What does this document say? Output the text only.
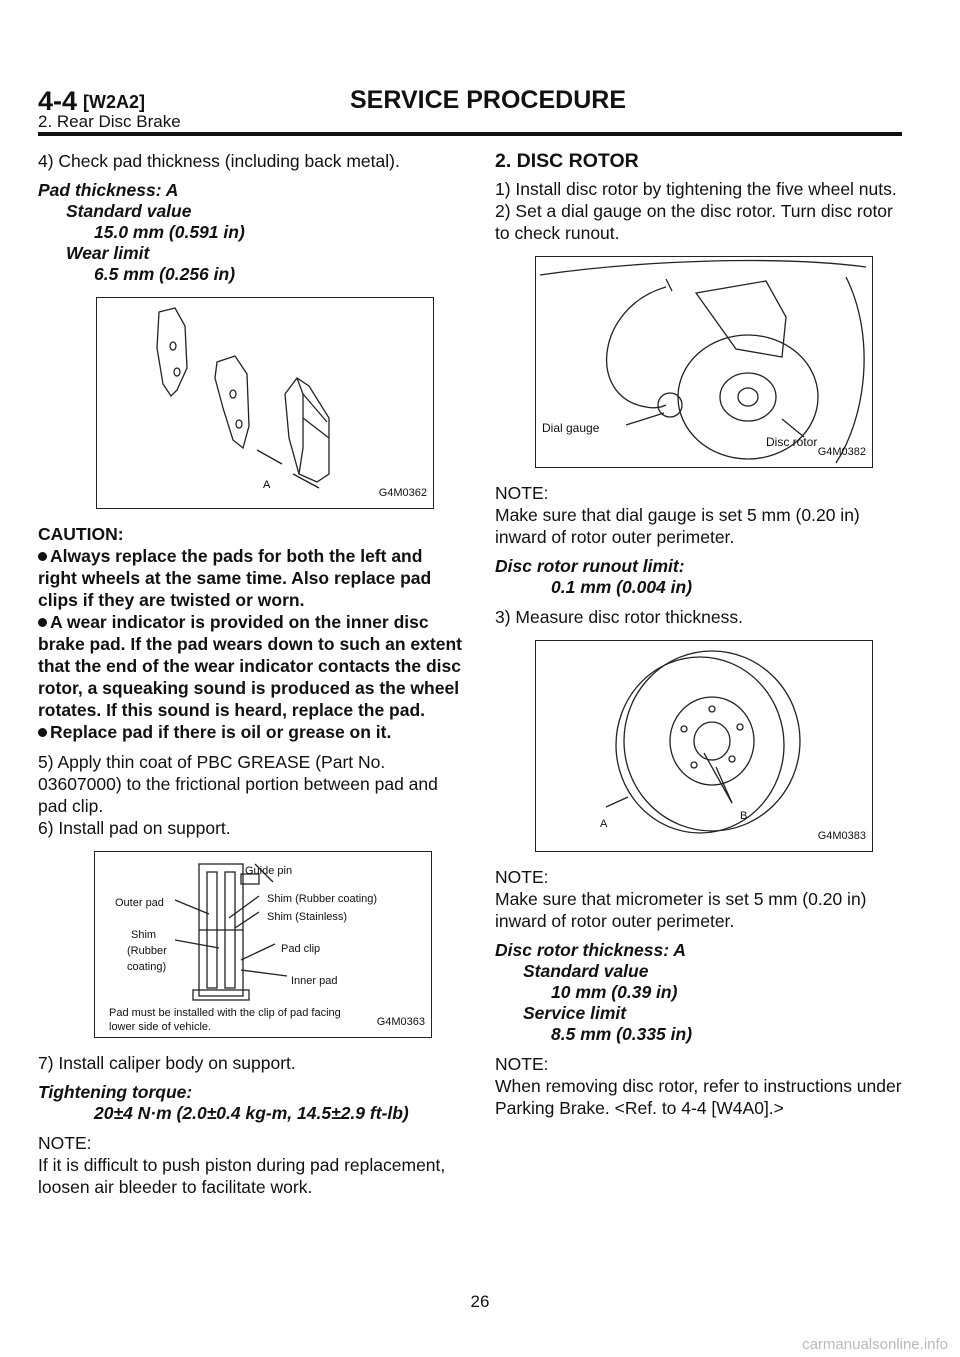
4-4 [W2A2]	SERVICE PROCEDURE
2. Rear Disc Brake

4) Check pad thickness (including back metal).

Pad thickness: A
Standard value
15.0 mm (0.591 in)
Wear limit
6.5 mm (0.256 in)
A
G4M0362
CAUTION:
Always replace the pads for both the left and right wheels at the same time. Also replace pad clips if they are twisted or worn.
A wear indicator is provided on the inner disc brake pad. If the pad wears down to such an extent that the end of the wear indicator contacts the disc rotor, a squeaking sound is produced as the wheel rotates. If this sound is heard, replace the pad.
Replace pad if there is oil or grease on it.

5) Apply thin coat of PBC GREASE (Part No. 03607000) to the frictional portion between pad and pad clip.

6) Install pad on support.

Guide pin
Outer pad	Shim (Rubber coating)
Shim (Stainless)
Shim
(Rubber
coating)
Pad clip
Inner pad
Pad must be installed with the clip of pad facing
lower side of vehicle.	G4M0363

7) Install caliper body on support.

Tightening torque:
20±4 N·m (2.0±0.4 kg-m, 14.5±2.9 ft-lb)
NOTE:
If it is difficult to push piston during pad replacement, loosen air bleeder to facilitate work.
2. DISC ROTOR

1) Install disc rotor by tightening the five wheel nuts.

2) Set a dial gauge on the disc rotor. Turn disc rotor to check runout.

Dial gauge
Disc rotor
G4M0382
NOTE:

Make sure that dial gauge is set 5 mm (0.20 in) inward of rotor outer perimeter.

Disc rotor runout limit:
0.1 mm (0.004 in)

3) Measure disc rotor thickness.

A
B
G4M0383
NOTE:

Make sure that micrometer is set 5 mm (0.20 in) inward of rotor outer perimeter.

Disc rotor thickness: A
Standard value
10 mm (0.39 in)
Service limit
8.5 mm (0.335 in)
NOTE:
When removing disc rotor, refer to instructions under Parking Brake. <Ref. to 4-4 [W4A0].>
26
carmanualsonline.info
